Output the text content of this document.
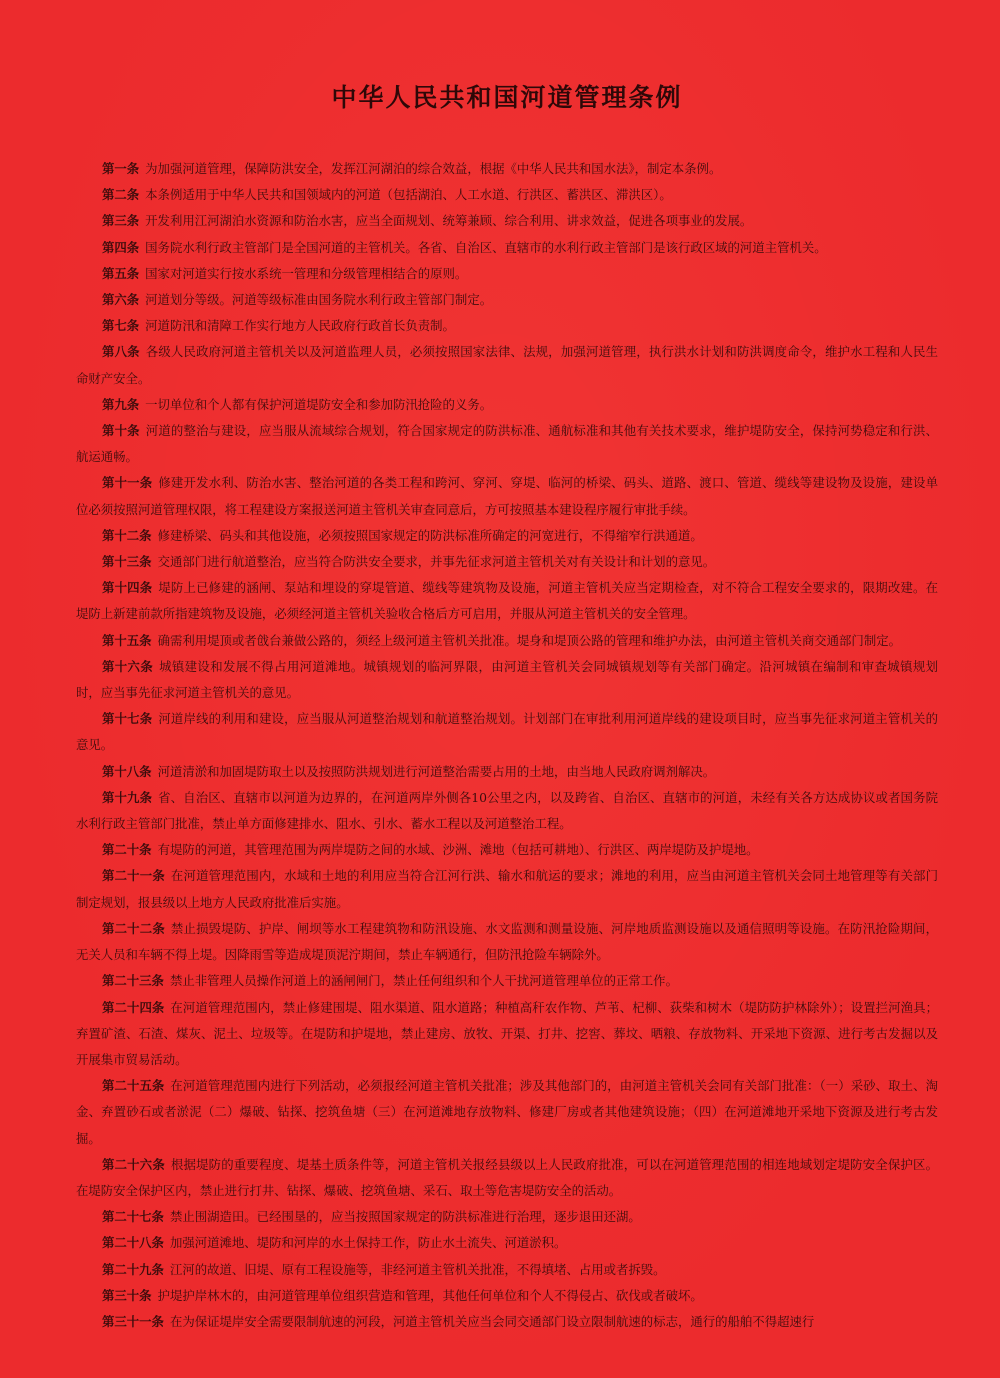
中华人民共和国河道管理条例

第一条 为加强河道管理，保障防洪安全，发挥江河湖泊的综合效益，根据《中华人民共和国水法》，制定本条例。

第二条 本条例适用于中华人民共和国领域内的河道（包括湖泊、人工水道、行洪区、蓄洪区、滞洪区）。

第三条 开发利用江河湖泊水资源和防治水害，应当全面规划、统筹兼顾、综合利用、讲求效益，促进各项事业的发展。

第四条 国务院水利行政主管部门是全国河道的主管机关。各省、自治区、直辖市的水利行政主管部门是该行政区域的河道主管机关。

第五条 国家对河道实行按水系统一管理和分级管理相结合的原则。

第六条 河道划分等级。河道等级标准由国务院水利行政主管部门制定。

第七条 河道防汛和清障工作实行地方人民政府行政首长负责制。

第八条 各级人民政府河道主管机关以及河道监理人员，必须按照国家法律、法规，加强河道管理，执行洪水计划和防洪调度命令，维护水工程和人民生命财产安全。

第九条 一切单位和个人都有保护河道堤防安全和参加防汛抢险的义务。

第十条 河道的整治与建设，应当服从流域综合规划，符合国家规定的防洪标准、通航标准和其他有关技术要求，维护堤防安全，保持河势稳定和行洪、航运通畅。

第十一条 修建开发水利、防治水害、整治河道的各类工程和跨河、穿河、穿堤、临河的桥梁、码头、道路、渡口、管道、缆线等建设物及设施，建设单位必须按照河道管理权限，将工程建设方案报送河道主管机关审查同意后，方可按照基本建设程序履行审批手续。

第十二条 修建桥梁、码头和其他设施，必须按照国家规定的防洪标准所确定的河宽进行，不得缩窄行洪通道。

第十三条 交通部门进行航道整治，应当符合防洪安全要求，并事先征求河道主管机关对有关设计和计划的意见。

第十四条 堤防上已修建的涵闸、泵站和埋设的穿堤管道、缆线等建筑物及设施，河道主管机关应当定期检查，对不符合工程安全要求的，限期改建。在堤防上新建前款所指建筑物及设施，必须经河道主管机关验收合格后方可启用，并服从河道主管机关的安全管理。

第十五条 确需利用堤顶或者戗台兼做公路的，须经上级河道主管机关批准。堤身和堤顶公路的管理和维护办法，由河道主管机关商交通部门制定。

第十六条 城镇建设和发展不得占用河道滩地。城镇规划的临河界限，由河道主管机关会同城镇规划等有关部门确定。沿河城镇在编制和审查城镇规划时，应当事先征求河道主管机关的意见。

第十七条 河道岸线的利用和建设，应当服从河道整治规划和航道整治规划。计划部门在审批利用河道岸线的建设项目时，应当事先征求河道主管机关的意见。

第十八条 河道清淤和加固堤防取土以及按照防洪规划进行河道整治需要占用的土地，由当地人民政府调剂解决。

第十九条 省、自治区、直辖市以河道为边界的，在河道两岸外侧各10公里之内，以及跨省、自治区、直辖市的河道，未经有关各方达成协议或者国务院水利行政主管部门批准，禁止单方面修建排水、阻水、引水、蓄水工程以及河道整治工程。

第二十条 有堤防的河道，其管理范围为两岸堤防之间的水域、沙洲、滩地（包括可耕地）、行洪区、两岸堤防及护堤地。

第二十一条 在河道管理范围内，水域和土地的利用应当符合江河行洪、输水和航运的要求；滩地的利用，应当由河道主管机关会同土地管理等有关部门制定规划，报县级以上地方人民政府批准后实施。

第二十二条 禁止损毁堤防、护岸、闸坝等水工程建筑物和防汛设施、水文监测和测量设施、河岸地质监测设施以及通信照明等设施。在防汛抢险期间，无关人员和车辆不得上堤。因降雨雪等造成堤顶泥泞期间，禁止车辆通行，但防汛抢险车辆除外。

第二十三条 禁止非管理人员操作河道上的涵闸闸门，禁止任何组织和个人干扰河道管理单位的正常工作。

第二十四条 在河道管理范围内，禁止修建围堤、阻水渠道、阻水道路；种植高秆农作物、芦苇、杞柳、荻柴和树木（堤防防护林除外）；设置拦河渔具；弃置矿渣、石渣、煤灰、泥土、垃圾等。在堤防和护堤地，禁止建房、放牧、开渠、打井、挖窖、葬坟、晒粮、存放物料、开采地下资源、进行考古发掘以及开展集市贸易活动。

第二十五条 在河道管理范围内进行下列活动，必须报经河道主管机关批准；涉及其他部门的，由河道主管机关会同有关部门批准：（一）采砂、取土、淘金、弃置砂石或者淤泥（二）爆破、钻探、挖筑鱼塘（三）在河道滩地存放物料、修建厂房或者其他建筑设施；（四）在河道滩地开采地下资源及进行考古发掘。

第二十六条 根据堤防的重要程度、堤基土质条件等，河道主管机关报经县级以上人民政府批准，可以在河道管理范围的相连地域划定堤防安全保护区。在堤防安全保护区内，禁止进行打井、钻探、爆破、挖筑鱼塘、采石、取土等危害堤防安全的活动。

第二十七条 禁止围湖造田。已经围垦的，应当按照国家规定的防洪标准进行治理，逐步退田还湖。

第二十八条 加强河道滩地、堤防和河岸的水土保持工作，防止水土流失、河道淤积。

第二十九条 江河的故道、旧堤、原有工程设施等，非经河道主管机关批准，不得填堵、占用或者拆毁。

第三十条 护堤护岸林木的，由河道管理单位组织营造和管理，其他任何单位和个人不得侵占、砍伐或者破坏。

第三十一条 在为保证堤岸安全需要限制航速的河段，河道主管机关应当会同交通部门设立限制航速的标志，通行的船舶不得超速行
